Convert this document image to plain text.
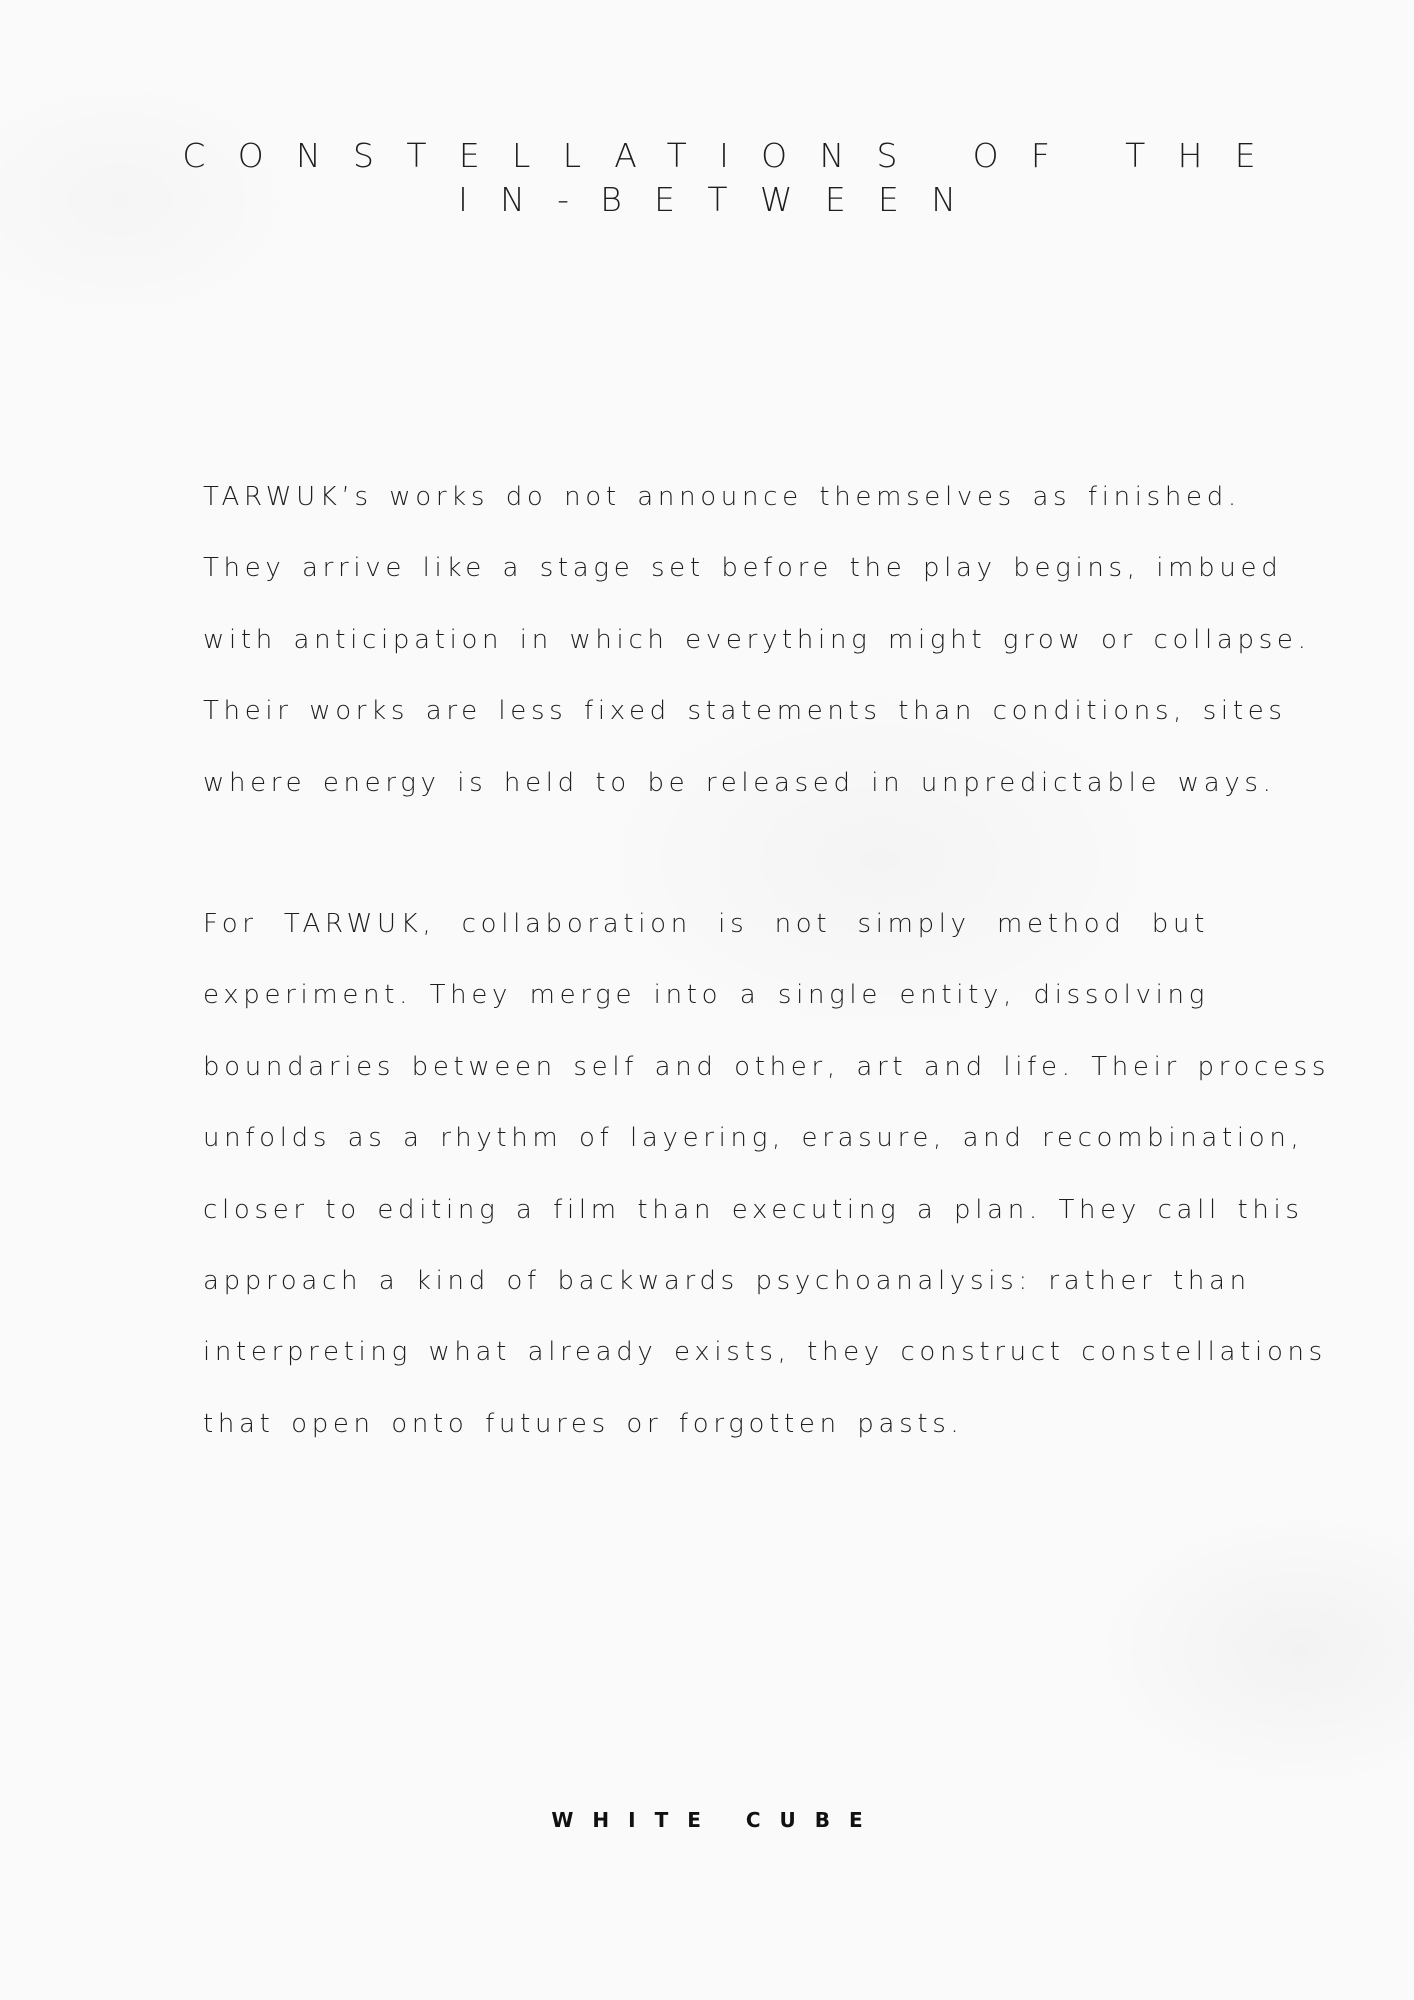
CONSTELLATIONS OF THE
IN-BETWEEN

TARWUK’s works do not announce themselves as finished.
They arrive like a stage set before the play begins, imbued
with anticipation in which everything might grow or collapse.
Their works are less fixed statements than conditions, sites
where energy is held to be released in unpredictable ways.

For TARWUK, collaboration is not simply method but
experiment. They merge into a single entity, dissolving
boundaries between self and other, art and life. Their process
unfolds as a rhythm of layering, erasure, and recombination,
closer to editing a film than executing a plan. They call this
approach a kind of backwards psychoanalysis: rather than
interpreting what already exists, they construct constellations
that open onto futures or forgotten pasts.

WHITE CUBE
